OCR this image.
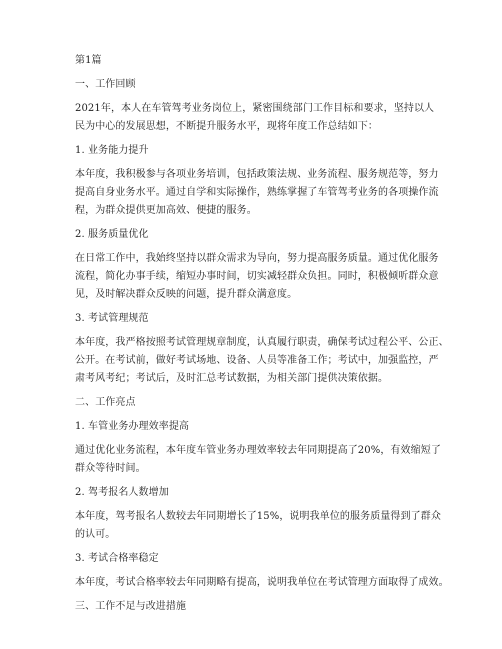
第1篇
一、工作回顾
2021年，本人在车管驾考业务岗位上，紧密围绕部门工作目标和要求，坚持以人
民为中心的发展思想，不断提升服务水平，现将年度工作总结如下：
1. 业务能力提升
本年度，我积极参与各项业务培训，包括政策法规、业务流程、服务规范等，努力
提高自身业务水平。通过自学和实际操作，熟练掌握了车管驾考业务的各项操作流
程，为群众提供更加高效、便捷的服务。
2. 服务质量优化
在日常工作中，我始终坚持以群众需求为导向，努力提高服务质量。通过优化服务
流程，简化办事手续，缩短办事时间，切实减轻群众负担。同时，积极倾听群众意
见，及时解决群众反映的问题，提升群众满意度。
3. 考试管理规范
本年度，我严格按照考试管理规章制度，认真履行职责，确保考试过程公平、公正、
公开。在考试前，做好考试场地、设备、人员等准备工作；考试中，加强监控，严
肃考风考纪；考试后，及时汇总考试数据，为相关部门提供决策依据。
二、工作亮点
1. 车管业务办理效率提高
通过优化业务流程，本年度车管业务办理效率较去年同期提高了20%，有效缩短了
群众等待时间。
2. 驾考报名人数增加
本年度，驾考报名人数较去年同期增长了15%，说明我单位的服务质量得到了群众
的认可。
3. 考试合格率稳定
本年度，考试合格率较去年同期略有提高，说明我单位在考试管理方面取得了成效。
三、工作不足与改进措施
